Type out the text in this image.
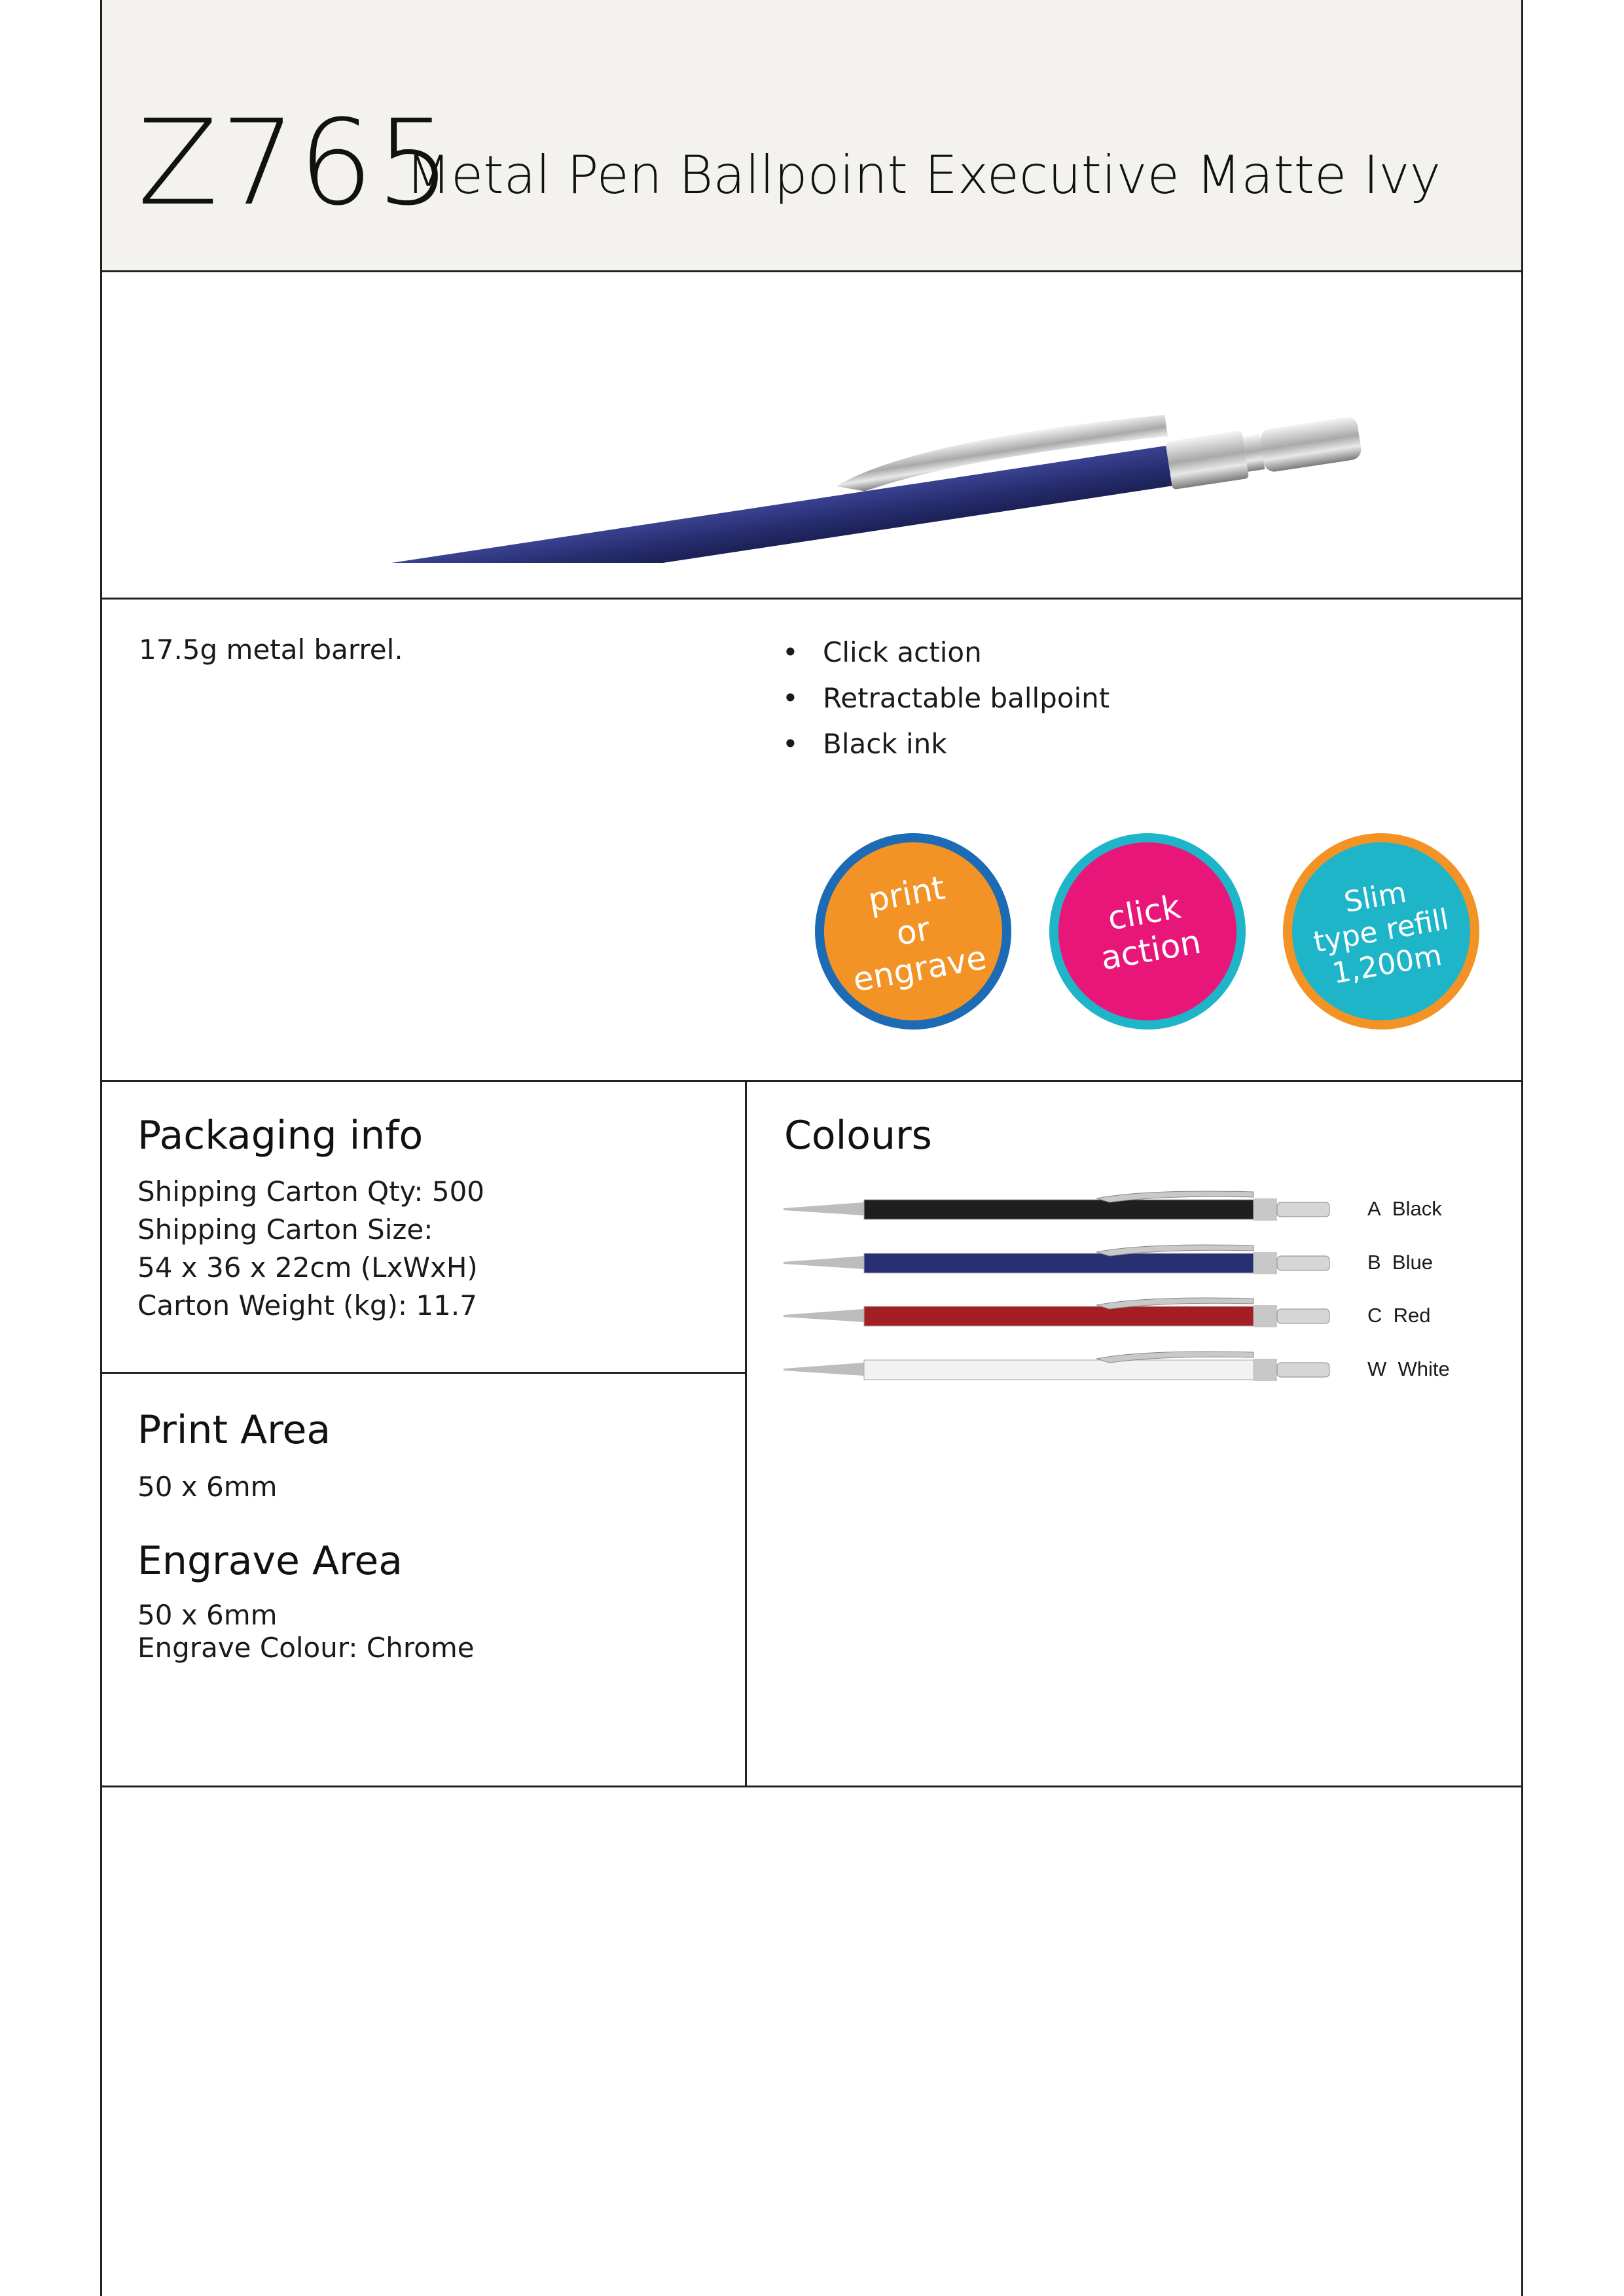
Z765
Metal Pen Ballpoint Executive Matte Ivy
17.5g metal barrel.
•	Click action
• Retractable ballpoint
• Black ink
print
or
engrave
click
action
Slim
type refill
1,200m
Packaging info
Shipping Carton Qty: 500
Shipping Carton Size:
54 x 36 x 22cm (LxWxH)
Carton Weight (kg): 11.7
Print Area
50 x 6mm
Engrave Area
50 x 6mm
Engrave Colour: Chrome
Colours
A Black
B Blue
C Red
W White
